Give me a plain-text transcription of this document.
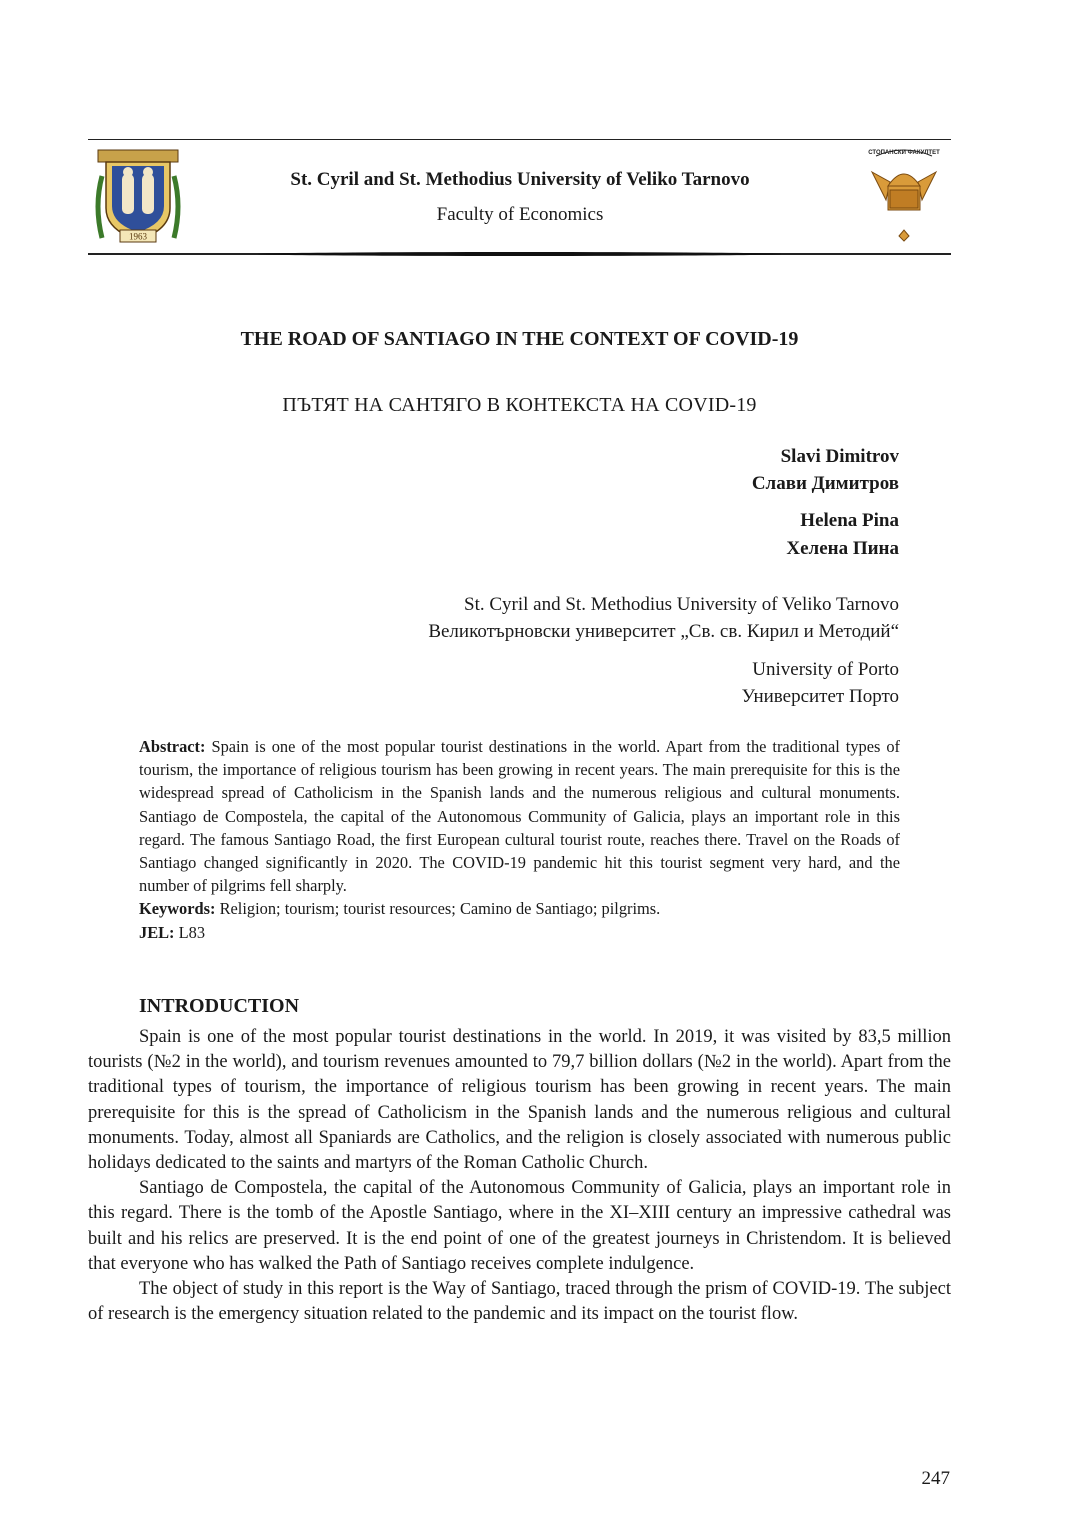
1963
St. Cyril and St. Methodius University of Veliko Tarnovo
Faculty of Economics
СТОПАНСКИ ФАКУЛТЕТ
THE ROAD OF SANTIAGO IN THE CONTEXT OF COVID-19
ПЪТЯТ НА САНТЯГО В КОНТЕКСТА НА COVID-19
Slavi Dimitrov
Слави Димитров
Helena Pina
Хелена Пина
St. Cyril and St. Methodius University of Veliko Tarnovo
Великотърновски университет „Св. св. Кирил и Методий“
University of Porto
Университет Порто

Abstract: Spain is one of the most popular tourist destinations in the world. Apart from the traditional types of tourism, the importance of religious tourism has been growing in recent years. The main prerequisite for this is the widespread spread of Catholicism in the Spanish lands and the numerous religious and cultural monuments. Santiago de Compostela, the capital of the Autonomous Community of Galicia, plays an important role in this regard. The famous Santiago Road, the first European cultural tourist route, reaches there. Travel on the Roads of Santiago changed significantly in 2020. The COVID-19 pandemic hit this tourist segment very hard, and the number of pilgrims fell sharply.

Keywords: Religion; tourism; tourist resources; Camino de Santiago; pilgrims.

JEL: L83

INTRODUCTION

Spain is one of the most popular tourist destinations in the world. In 2019, it was visited by 83,5 million tourists (№2 in the world), and tourism revenues amounted to 79,7 billion dollars (№2 in the world). Apart from the traditional types of tourism, the importance of religious tourism has been growing in recent years. The main prerequisite for this is the spread of Catholicism in the Spanish lands and the numerous religious and cultural monuments. Today, almost all Spaniards are Catholics, and the religion is closely associated with numerous public holidays dedicated to the saints and martyrs of the Roman Catholic Church.

Santiago de Compostela, the capital of the Autonomous Community of Galicia, plays an important role in this regard. There is the tomb of the Apostle Santiago, where in the XI–XIII century an impressive cathedral was built and his relics are preserved. It is the end point of one of the greatest journeys in Christendom. It is believed that everyone who has walked the Path of Santiago receives complete indulgence.

The object of study in this report is the Way of Santiago, traced through the prism of COVID-19. The subject of research is the emergency situation related to the pandemic and its impact on the tourist flow.

247
